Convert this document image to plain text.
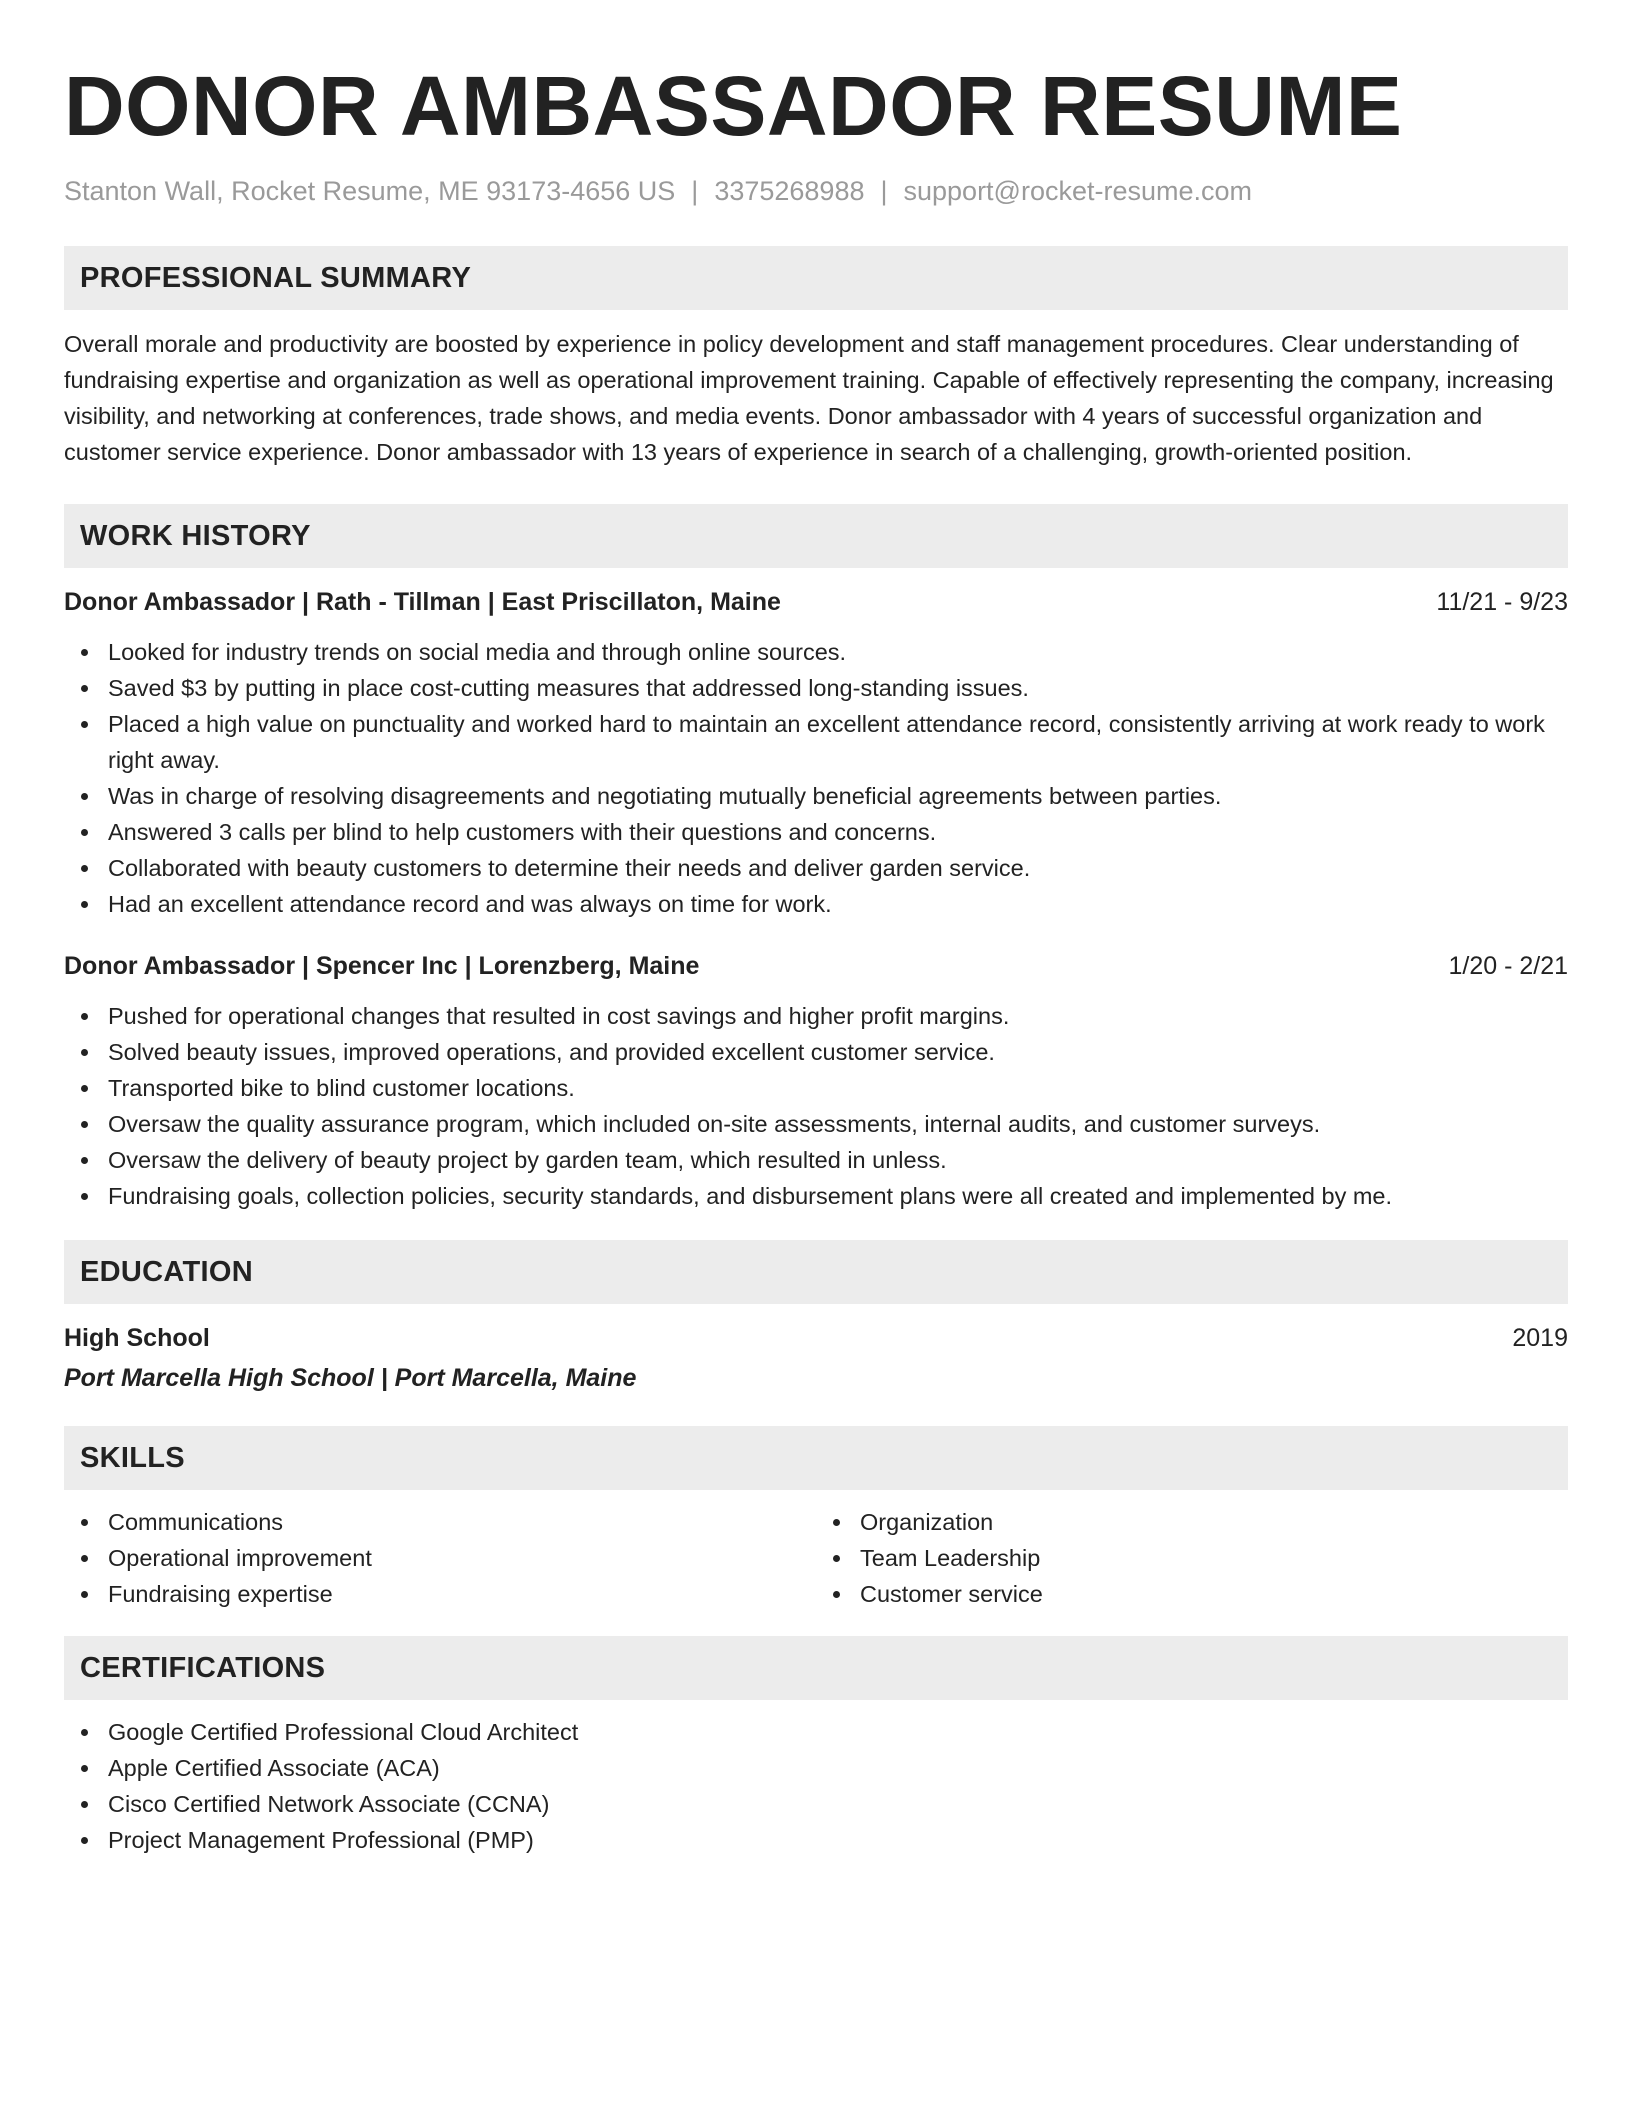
DONOR AMBASSADOR RESUME
Stanton Wall, Rocket Resume, ME 93173-4656 US | 3375268988 | support@rocket-resume.com
PROFESSIONAL SUMMARY

Overall morale and productivity are boosted by experience in policy development and staff management procedures. Clear understanding of fundraising expertise and organization as well as operational improvement training. Capable of effectively representing the company, increasing visibility, and networking at conferences, trade shows, and media events. Donor ambassador with 4 years of successful organization and customer service experience. Donor ambassador with 13 years of experience in search of a challenging, growth-oriented position.

WORK HISTORY
Donor Ambassador | Rath - Tillman | East Priscillaton, Maine	11/21 - 9/23
Looked for industry trends on social media and through online sources.
Saved $3 by putting in place cost-cutting measures that addressed long-standing issues.
Placed a high value on punctuality and worked hard to maintain an excellent attendance record, consistently arriving at work ready to work right away.
Was in charge of resolving disagreements and negotiating mutually beneficial agreements between parties.
Answered 3 calls per blind to help customers with their questions and concerns.
Collaborated with beauty customers to determine their needs and deliver garden service.
Had an excellent attendance record and was always on time for work.
Donor Ambassador | Spencer Inc | Lorenzberg, Maine	1/20 - 2/21
Pushed for operational changes that resulted in cost savings and higher profit margins.
Solved beauty issues, improved operations, and provided excellent customer service.
Transported bike to blind customer locations.
Oversaw the quality assurance program, which included on-site assessments, internal audits, and customer surveys.
Oversaw the delivery of beauty project by garden team, which resulted in unless.
Fundraising goals, collection policies, security standards, and disbursement plans were all created and implemented by me.
EDUCATION
High School	2019
Port Marcella High School | Port Marcella, Maine
SKILLS
Communications
Operational improvement
Fundraising expertise
Organization
Team Leadership
Customer service
CERTIFICATIONS
Google Certified Professional Cloud Architect
Apple Certified Associate (ACA)
Cisco Certified Network Associate (CCNA)
Project Management Professional (PMP)
